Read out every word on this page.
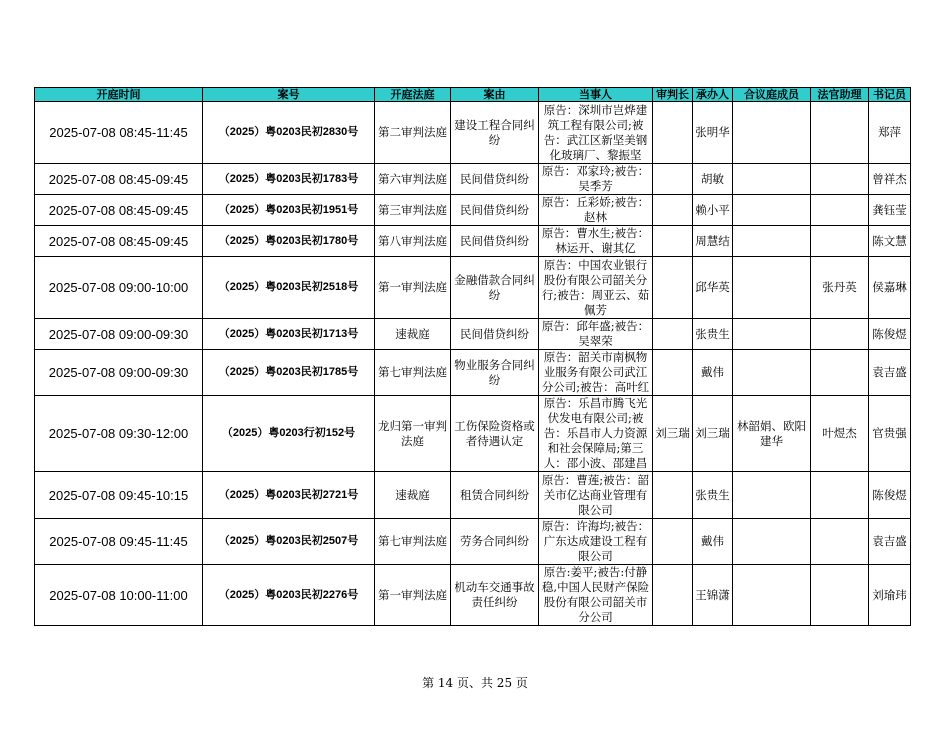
开庭时间	案号	开庭法庭	案由	当事人	审判长	承办人	合议庭成员	法官助理	书记员
2025-07-08 08:45-11:45	（2025）粤0203民初2830号	第二审判法庭	建设工程合同纠纷	原告：深圳市岂烨建筑工程有限公司;被告：武江区新坚美钢化玻璃厂、黎振坚		张明华			郑萍
2025-07-08 08:45-09:45	（2025）粤0203民初1783号	第六审判法庭	民间借贷纠纷	原告：邓家玲;被告：吴季芳		胡敏			曾祥杰
2025-07-08 08:45-09:45	（2025）粤0203民初1951号	第三审判法庭	民间借贷纠纷	原告：丘彩娇;被告：赵林		赖小平			龚钰莹
2025-07-08 08:45-09:45	（2025）粤0203民初1780号	第八审判法庭	民间借贷纠纷	原告：曹水生;被告：林运开、谢其亿		周慧结			陈文慧
2025-07-08 09:00-10:00	（2025）粤0203民初2518号	第一审判法庭	金融借款合同纠纷	原告：中国农业银行股份有限公司韶关分行;被告：周亚云、茹佩芳		邱华英		张丹英	侯嘉琳
2025-07-08 09:00-09:30	（2025）粤0203民初1713号	速裁庭	民间借贷纠纷	原告：邱年盛;被告：吴翠荣		张贵生			陈俊煜
2025-07-08 09:00-09:30	（2025）粤0203民初1785号	第七审判法庭	物业服务合同纠纷	原告：韶关市南枫物业服务有限公司武江分公司;被告：高叶红		戴伟			袁吉盛
2025-07-08 09:30-12:00	（2025）粤0203行初152号	龙归第一审判法庭	工伤保险资格或者待遇认定	原告：乐昌市腾飞光伏发电有限公司;被告：乐昌市人力资源和社会保障局;第三人：邵小波、邵建昌	刘三瑞	刘三瑞	林韶娟、欧阳建华	叶煜杰	官贵强
2025-07-08 09:45-10:15	（2025）粤0203民初2721号	速裁庭	租赁合同纠纷	原告：曹莲;被告：韶关市亿达商业管理有限公司		张贵生			陈俊煜
2025-07-08 09:45-11:45	（2025）粤0203民初2507号	第七审判法庭	劳务合同纠纷	原告：许海均;被告：广东达成建设工程有限公司		戴伟			袁吉盛
2025-07-08 10:00-11:00	（2025）粤0203民初2276号	第一审判法庭	机动车交通事故责任纠纷	原告:姜平;被告:付静稳,中国人民财产保险股份有限公司韶关市分公司		王锦潇			刘瑜玮
第 14 页、共 25 页
